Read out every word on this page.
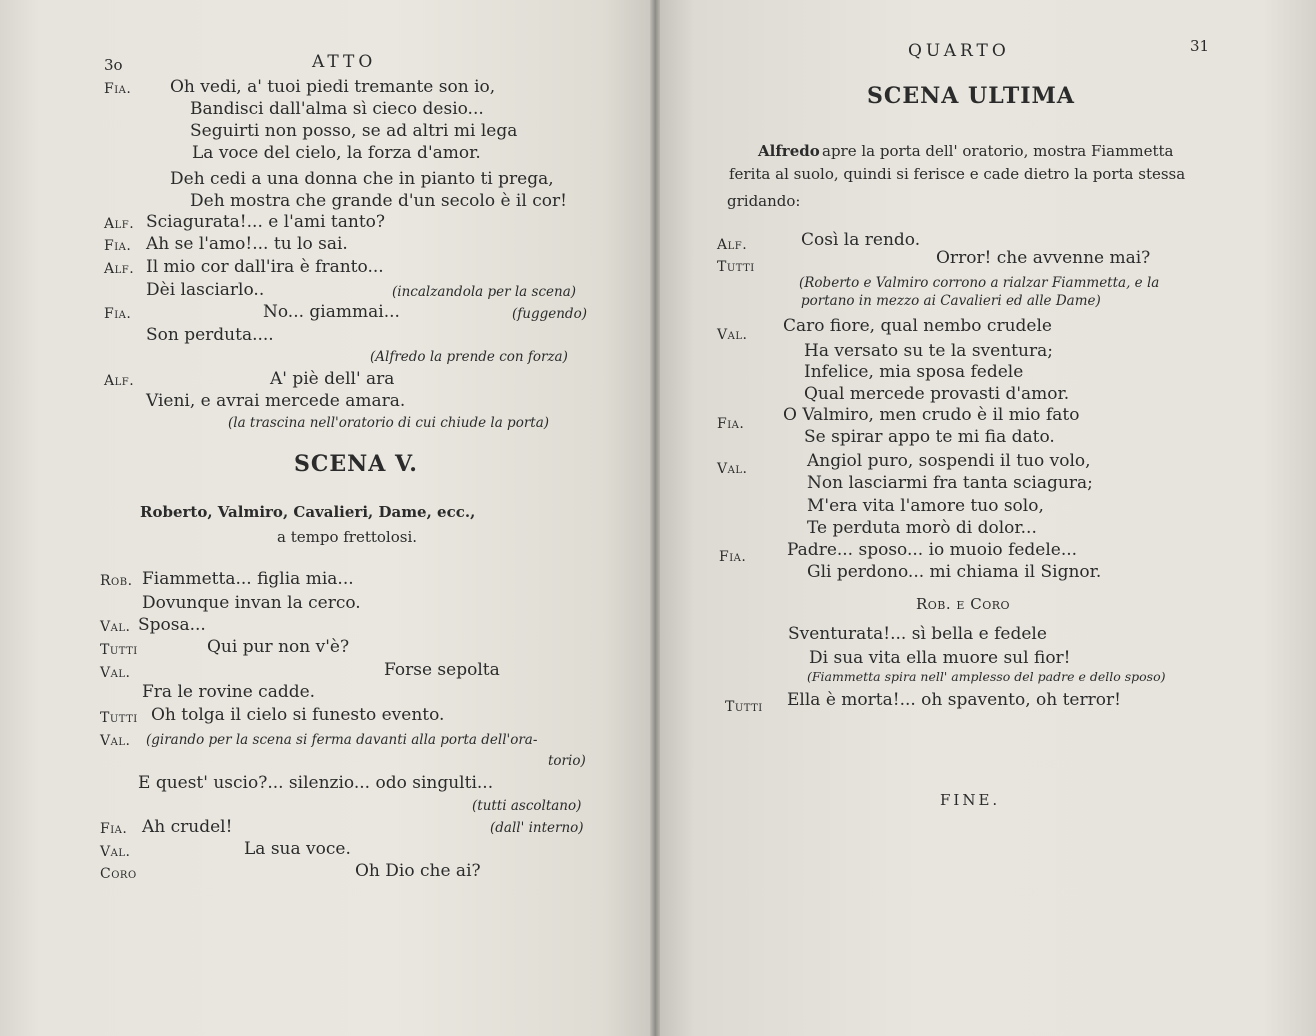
3o	ATTO
Fia. Oh vedi, a' tuoi piedi tremante son io,
Bandisci dall'alma sì cieco desio...
Seguirti non posso, se ad altri mi lega
La voce del cielo, la forza d'amor.
Deh cedi a una donna che in pianto ti prega,
Deh mostra che grande d'un secolo è il cor!
Alf. Sciagurata!... e l'ami tanto?
Fia. Ah se l'amo!... tu lo sai.
Alf. Il mio cor dall'ira è franto...
Dèi lasciarlo..	(incalzandola per la scena)
Fia.	No... giammai...	(fuggendo)
Son perduta....
(Alfredo la prende con forza)
Alf.	A' piè dell' ara
Vieni, e avrai mercede amara.
(la trascina nell'oratorio di cui chiude la porta)
SCENA V.
Roberto, Valmiro, Cavalieri, Dame, ecc.,
a tempo frettolosi.
Rob. Fiammetta... figlia mia...
Dovunque invan la cerco.
Val. Sposa...
Tutti	Qui pur non v'è?
Val.	Forse sepolta
Fra le rovine cadde.
Tutti Oh tolga il cielo si funesto evento.
Val. (girando per la scena si ferma davanti alla porta dell'ora-
torio)
E quest' uscio?... silenzio... odo singulti...
(tutti ascoltano)
Fia. Ah crudel!	(dall' interno)
Val.	La sua voce.
Coro	Oh Dio che ai?
QUARTO	31
SCENA ULTIMA
Alfredo apre la porta dell' oratorio, mostra Fiammetta
ferita al suolo, quindi si ferisce e cade dietro la porta stessa
gridando:
Alf.	Così la rendo.
Tutti	Orror! che avvenne mai?
(Roberto e Valmiro corrono a rialzar Fiammetta, e la
portano in mezzo ai Cavalieri ed alle Dame)
Val. Caro fiore, qual nembo crudele
Ha versato su te la sventura;
Infelice, mia sposa fedele
Qual mercede provasti d'amor.
Fia. O Valmiro, men crudo è il mio fato
Se spirar appo te mi fia dato.
Val.	Angiol puro, sospendi il tuo volo,
Non lasciarmi fra tanta sciagura;
M'era vita l'amore tuo solo,
Te perduta morò di dolor...
Fia. Padre... sposo... io muoio fedele...
Gli perdono... mi chiama il Signor.
Rob. e Coro
Sventurata!... sì bella e fedele
Di sua vita ella muore sul fior!
(Fiammetta spira nell' amplesso del padre e dello sposo)
Tutti Ella è morta!... oh spavento, oh terror!
FINE.
